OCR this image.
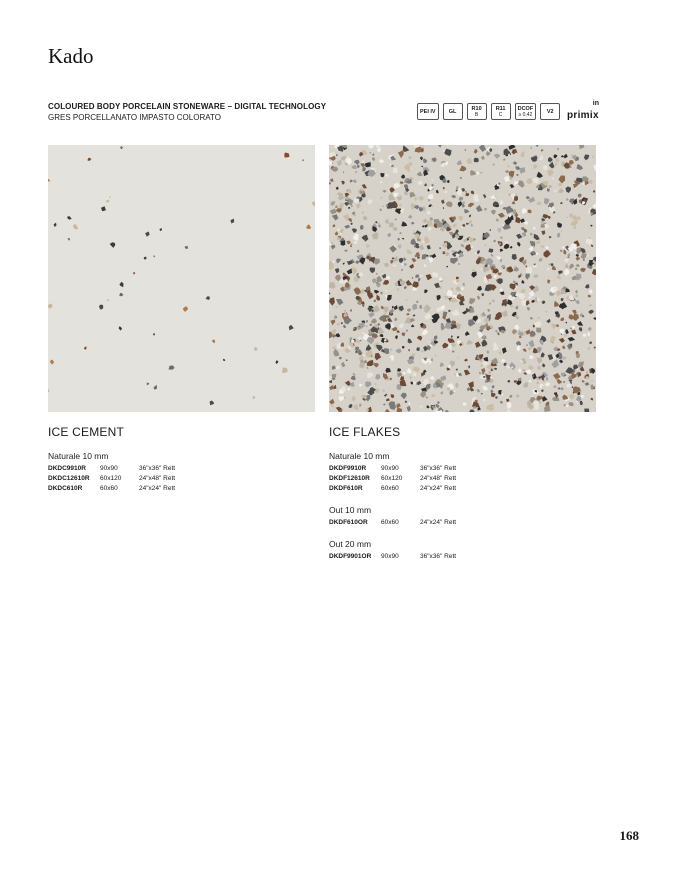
Kado
COLOURED BODY PORCELAIN STONEWARE – DIGITAL TECHNOLOGY
GRES PORCELLANATO IMPASTO COLORATO
PEI IV GL	R10
B
R11
C
DCOF
≥ 0,42	V2
in
primix
ICE CEMENT
Naturale 10 mm
DKDC9910R	90x90	36"x36" Rett
DKDC12610R	60x120	24"x48" Rett
DKDC610R	60x60	24"x24" Rett
ICE FLAKES
Naturale 10 mm
DKDF9910R	90x90	36"x36" Rett
DKDF12610R	60x120	24"x48" Rett
DKDF610R	60x60	24"x24" Rett
Out 10 mm
DKDF610OR	60x60	24"x24" Rett
Out 20 mm
DKDF9901OR	90x90	36"x36" Rett
168
